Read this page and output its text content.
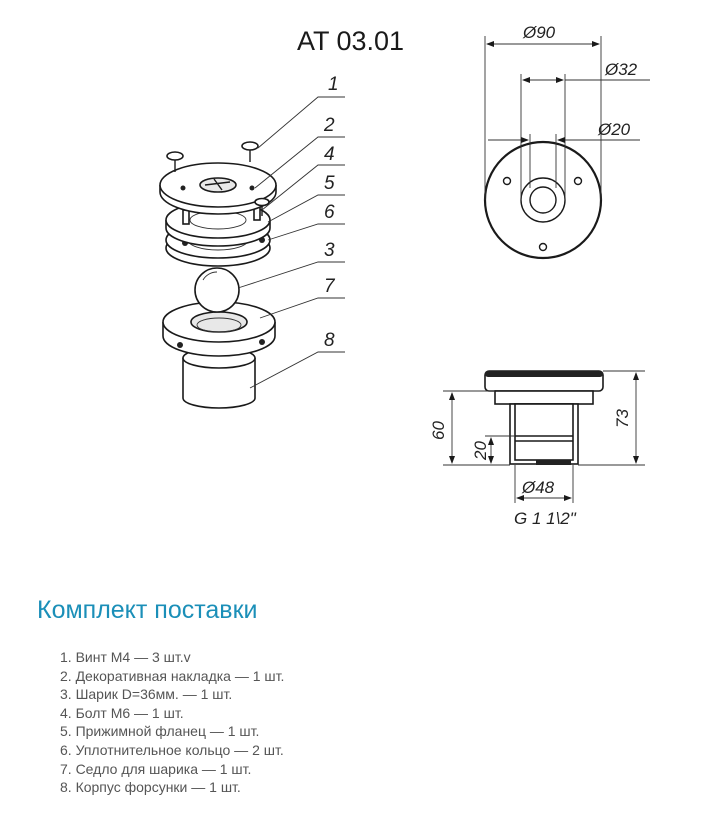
AT 03.01
1
2
4
5
6
3
7
8
Ø90
Ø32
Ø20
60
20
73
Ø48
G 1 1\2"
Комплект поставки
1. Винт М4 — 3 шт.v
2. Декоративная накладка — 1 шт.
3. Шарик D=36мм. — 1 шт.
4. Болт М6 — 1 шт.
5. Прижимной фланец — 1 шт.
6. Уплотнительное кольцо — 2 шт.
7. Седло для шарика — 1 шт.
8. Корпус форсунки — 1 шт.
